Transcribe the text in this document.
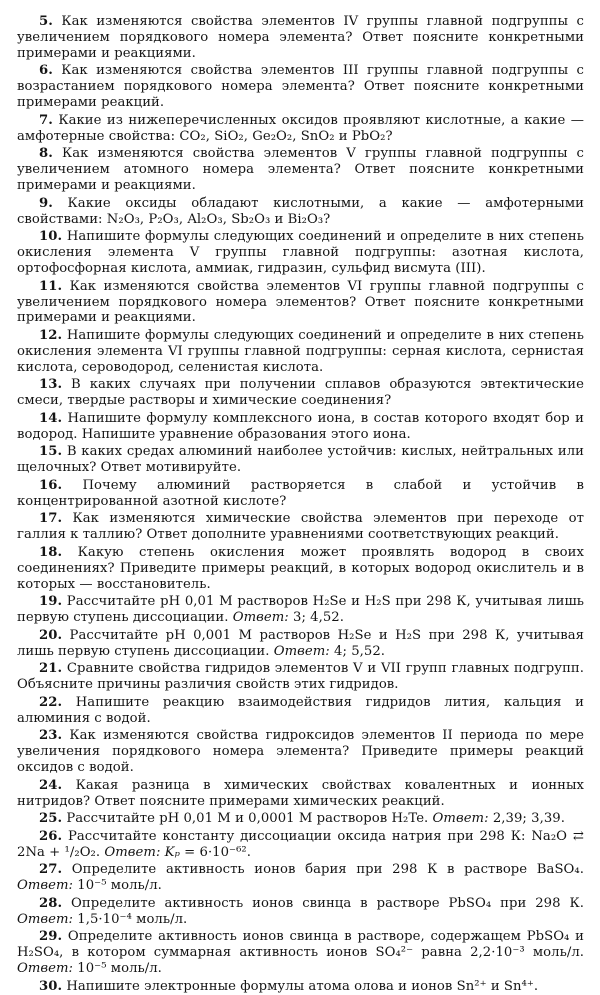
5. Как изменяются свойства элементов IV группы главной подгруппы с увеличением порядкового номера элемента? Ответ поясните конкретными примерами и реакциями.

6. Как изменяются свойства элементов III группы главной подгруппы с возрастанием порядкового номера элемента? Ответ поясните конкретными примерами реакций.

7. Какие из нижеперечисленных оксидов проявляют кислотные, а какие — амфотерные свойства: CO₂, SiO₂, Ge₂O₂, SnO₂ и PbO₂?

8. Как изменяются свойства элементов V группы главной подгруппы с увеличением атомного номера элемента? Ответ поясните конкретными примерами и реакциями.

9. Какие оксиды обладают кислотными, а какие — амфотерными свойствами: N₂O₃, P₂O₃, Al₂O₃, Sb₂O₃ и Bi₂O₃?

10. Напишите формулы следующих соединений и определите в них степень окисления элемента V группы главной подгруппы: азотная кислота, ортофосфорная кислота, аммиак, гидразин, сульфид висмута (III).

11. Как изменяются свойства элементов VI группы главной подгруппы с увеличением порядкового номера элементов? Ответ поясните конкретными примерами и реакциями.

12. Напишите формулы следующих соединений и определите в них степень окисления элемента VI группы главной подгруппы: серная кислота, сернистая кислота, сероводород, селенистая кислота.

13. В каких случаях при получении сплавов образуются эвтектические смеси, твердые растворы и химические соединения?

14. Напишите формулу комплексного иона, в состав которого входят бор и водород. Напишите уравнение образования этого иона.

15. В каких средах алюминий наиболее устойчив: кислых, нейтральных или щелочных? Ответ мотивируйте.

16. Почему алюминий растворяется в слабой и устойчив в концентрированной азотной кислоте?

17. Как изменяются химические свойства элементов при переходе от галлия к таллию? Ответ дополните уравнениями соответствующих реакций.

18. Какую степень окисления может проявлять водород в своих соединениях? Приведите примеры реакций, в которых водород окислитель и в которых — восстановитель.

19. Рассчитайте pH 0,01 M растворов H₂Se и H₂S при 298 К, учитывая лишь первую ступень диссоциации. Ответ: 3; 4,52.

20. Рассчитайте pH 0,001 M растворов H₂Se и H₂S при 298 К, учитывая лишь первую ступень диссоциации. Ответ: 4; 5,52.

21. Сравните свойства гидридов элементов V и VII групп главных подгрупп. Объясните причины различия свойств этих гидридов.

22. Напишите реакцию взаимодействия гидридов лития, кальция и алюминия с водой.

23. Как изменяются свойства гидроксидов элементов II периода по мере увеличения порядкового номера элемента? Приведите примеры реакций оксидов с водой.

24. Какая разница в химических свойствах ковалентных и ионных нитридов? Ответ поясните примерами химических реакций.

25. Рассчитайте pH 0,01 M и 0,0001 M растворов H₂Te. Ответ: 2,39; 3,39.

26. Рассчитайте константу диссоциации оксида натрия при 298 К: Na₂O ⇄ 2Na + ¹/₂O₂. Ответ: Kₚ = 6·10⁻⁶².

27. Определите активность ионов бария при 298 К в растворе BaSO₄. Ответ: 10⁻⁵ моль/л.

28. Определите активность ионов свинца в растворе PbSO₄ при 298 К. Ответ: 1,5·10⁻⁴ моль/л.

29. Определите активность ионов свинца в растворе, содержащем PbSO₄ и H₂SO₄, в котором суммарная активность ионов SO₄²⁻ равна 2,2·10⁻³ моль/л. Ответ: 10⁻⁵ моль/л.

30. Напишите электронные формулы атома олова и ионов Sn²⁺ и Sn⁴⁺.
